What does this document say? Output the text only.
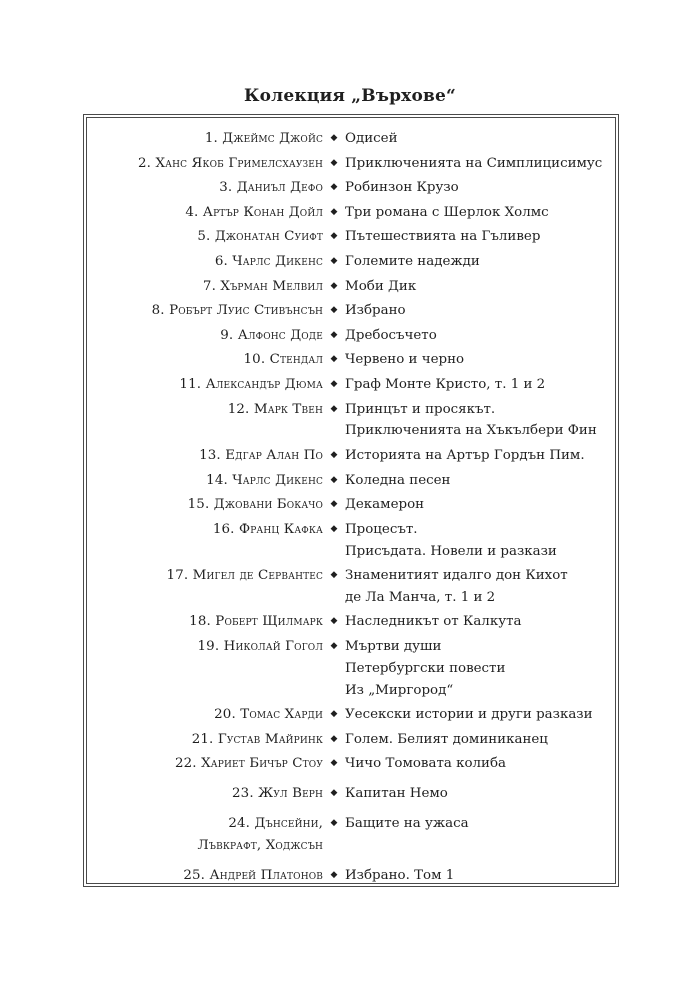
Колекция „Върхове“
1. Джеймс Джойс ◆ Одисей
2. Ханс Якоб Гримелсхаузен ◆ Приключенията на Симплицисимус
3. Даниъл Дефо ◆ Робинзон Крузо
4. Артър Конан Дойл ◆ Три романа с Шерлок Холмс
5. Джонатан Суифт ◆ Пътешествията на Гъливер
6. Чарлс Дикенс ◆ Големите надежди
7. Хърман Мелвил ◆ Моби Дик
8. Робърт Луис Стивънсън ◆ Избрано
9. Алфонс Доде ◆ Дребосъчето
10. Стендал ◆ Червено и черно
11. Александър Дюма ◆ Граф Монте Кристо, т. 1 и 2
12. Марк Твен ◆ Принцът и просякът.
Приключенията на Хъкълбери Фин
13. Едгар Алан По ◆ Историята на Артър Гордън Пим.
14. Чарлс Дикенс ◆ Коледна песен
15. Джовани Бокачо ◆ Декамерон
16. Франц Кафка ◆ Процесът.
Присъдата. Новели и разкази
17. Мигел де Сервантес ◆ Знаменитият идалго дон Кихот
де Ла Манча, т. 1 и 2
18. Роберт Щилмарк ◆ Наследникът от Калкута
19. Николай Гогол ◆ Мъртви души
Петербургски повести
Из „Миргород“
20. Томас Харди ◆ Уесекски истории и други разкази
21. Густав Майринк ◆ Голем. Белият доминиканец
22. Хариет Бичър Стоу ◆ Чичо Томовата колиба
23. Жул Верн ◆ Капитан Немо
24. Дънсейни,
Лъвкрафт, Ходжсън
◆ Бащите на ужаса
25. Андрей Платонов ◆ Избрано. Том 1
